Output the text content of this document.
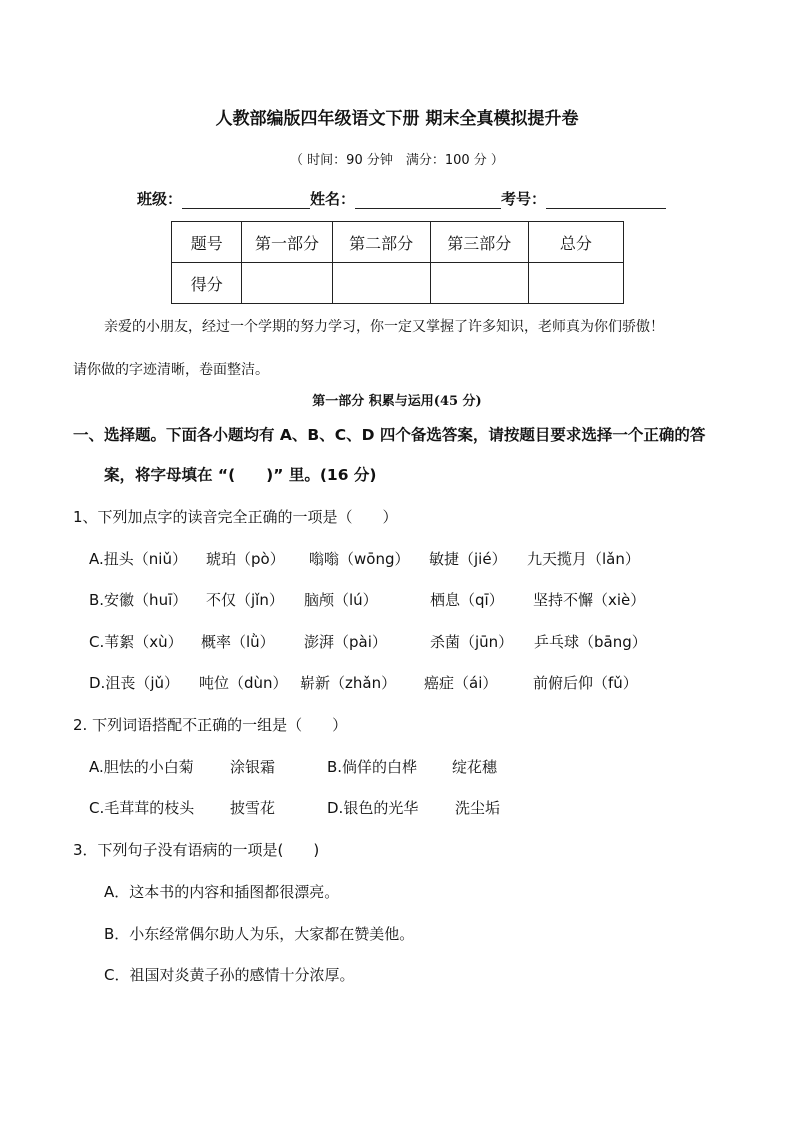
人教部编版四年级语文下册 期末全真模拟提升卷
（ 时间：90 分钟　满分：100 分 ）
班级：	姓名：	考号：
题号	第一部分	第二部分	第三部分	总分
得分				
亲爱的小朋友，经过一个学期的努力学习，你一定又掌握了许多知识，老师真为你们骄傲！
请你做的字迹清晰，卷面整洁。
第一部分 积累与运用(45 分)
一、选择题。下面各小题均有 A、B、C、D 四个备选答案，请按题目要求选择一个正确的答
案，将字母填在 “(　　)” 里。(16 分)
1、下列加点字的读音完全正确的一项是（　　）
A.扭头（niǔ） 琥珀（pò） 嗡嗡（wōng） 敏捷（jié） 九天揽月（lǎn）
B.安徽（huī） 不仅（jǐn） 脑颅（lú）	栖息（qī） 坚持不懈（xiè）
C.苇絮（xù） 概率（lǜ） 澎湃（pài）	杀菌（jūn） 乒乓球（bāng）
D.沮丧（jǔ） 吨位（dùn） 崭新（zhǎn） 癌症（ái） 前俯后仰（fǔ）
2. 下列词语搭配不正确的一组是（　　）
A.胆怯的小白菊 涂银霜	B.倘佯的白桦 绽花穗
C.毛茸茸的枝头 披雪花	D.银色的光华 洗尘垢
3．下列句子没有语病的一项是(　　)
A．这本书的内容和插图都很漂亮。
B．小东经常偶尔助人为乐，大家都在赞美他。
C．祖国对炎黄子孙的感情十分浓厚。
